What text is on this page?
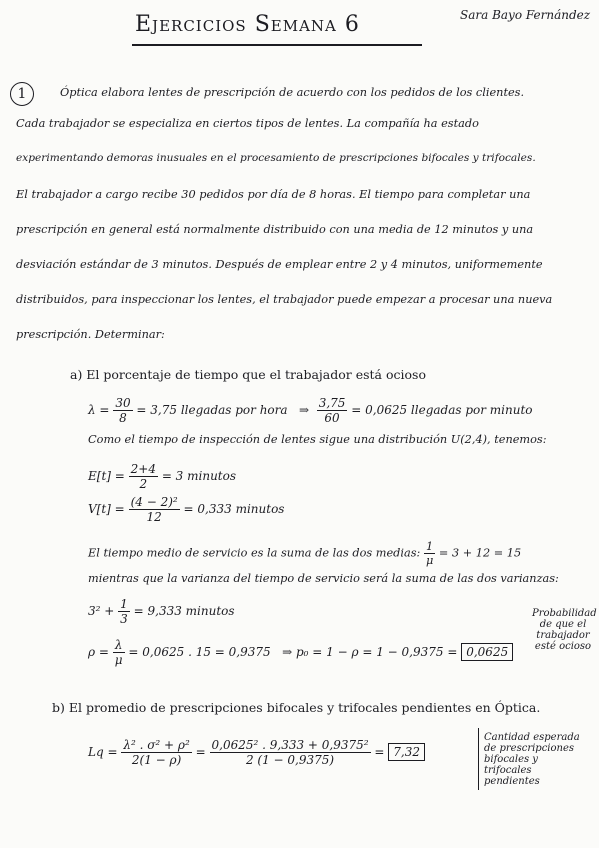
Ejercicios Semana 6	Sara Bayo Fernández
1	Óptica elabora lentes de prescripción de acuerdo con los pedidos de los clientes.
Cada trabajador se especializa en ciertos tipos de lentes. La compañía ha estado
experimentando demoras inusuales en el procesamiento de prescripciones bifocales y trifocales.
El trabajador a cargo recibe 30 pedidos por día de 8 horas. El tiempo para completar una
prescripción en general está normalmente distribuido con una media de 12 minutos y una
desviación estándar de 3 minutos. Después de emplear entre 2 y 4 minutos, uniformemente
distribuidos, para inspeccionar los lentes, el trabajador puede empezar a procesar una nueva
prescripción. Determinar:
a) El porcentaje de tiempo que el trabajador está ocioso
$\lambda = \frac{30}{8} = 3,75$ llegadas por hora ⇒ $\frac{3,75}{60} = 0,0625$ llegadas por minuto
Como el tiempo de inspección de lentes sigue una distribución U(2,4), tenemos:
$E[t] = \frac{2+4}{2} = 3$ minutos
$V[t] = \frac{\text{(4 − 2)²}}{12} = 0,333$ minutos
El tiempo medio de servicio es la suma de las dos medias: $\frac{1}{\mu} = 3 + 12 = 15$
mientras que la varianza del tiempo de servicio será la suma de las dos varianzas:
$3^2 + \frac{1}{3} = 9,333$ minutos
$\rho = \frac{\lambda}{\mu} = 0,0625$ . 15 = 0,9375 ⇒ p₀ = 1 − ρ = 1 − 0,9375 = 0,0625
Probabilidad de que el trabajador esté ocioso
b) El promedio de prescripciones bifocales y trifocales pendientes en Óptica.
$Lq = \frac{\text{λ² . σ² + ρ²}}{2(1 - \rho)} = \frac{\text{0,0625² . 9,333 + 0,9375²}}{2 (1 - 0,9375)} = 7,32$
Cantidad esperada de prescripciones bifocales y trifocales pendientes
